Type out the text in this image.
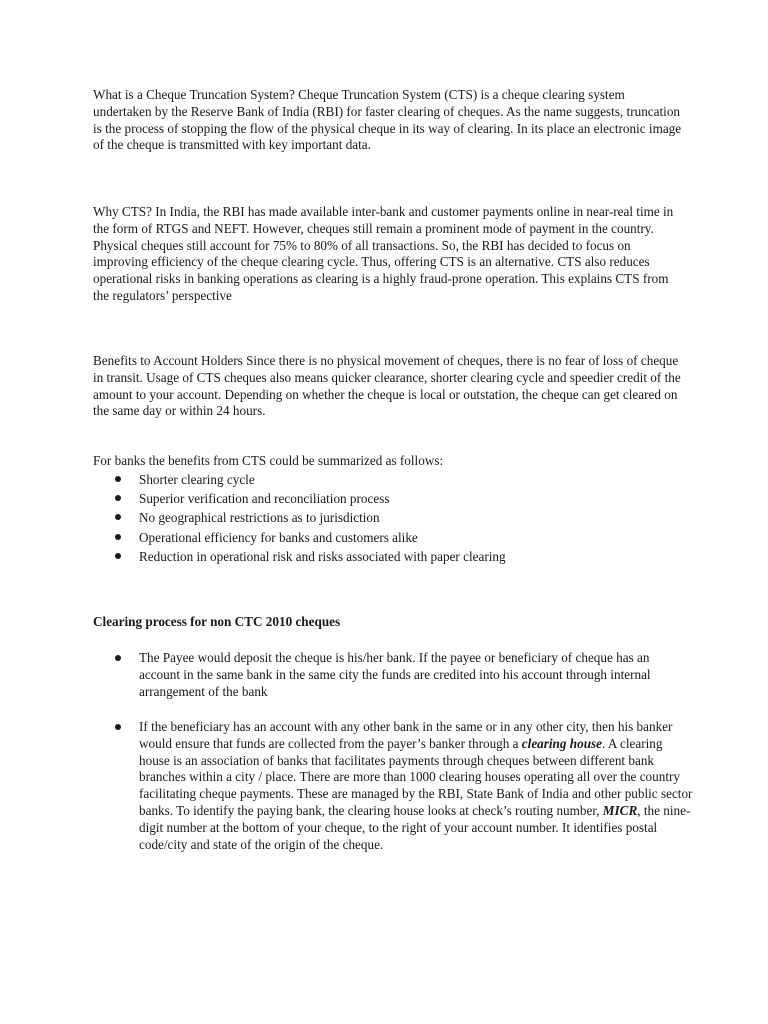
What is a Cheque Truncation System? Cheque Truncation System (CTS) is a cheque clearing system undertaken by the Reserve Bank of India (RBI) for faster clearing of cheques. As the name suggests, truncation is the process of stopping the flow of the physical cheque in its way of clearing. In its place an electronic image of the cheque is transmitted with key important data.

Why CTS? In India, the RBI has made available inter-bank and customer payments online in near-real time in the form of RTGS and NEFT. However, cheques still remain a prominent mode of payment in the country. Physical cheques still account for 75% to 80% of all transactions. So, the RBI has decided to focus on improving efficiency of the cheque clearing cycle. Thus, offering CTS is an alternative. CTS also reduces operational risks in banking operations as clearing is a highly fraud-prone operation. This explains CTS from the regulators’ perspective

Benefits to Account Holders Since there is no physical movement of cheques, there is no fear of loss of cheque in transit. Usage of CTS cheques also means quicker clearance, shorter clearing cycle and speedier credit of the amount to your account. Depending on whether the cheque is local or outstation, the cheque can get cleared on the same day or within 24 hours.

For banks the benefits from CTS could be summarized as follows:

Shorter clearing cycle
Superior verification and reconciliation process
No geographical restrictions as to jurisdiction
Operational efficiency for banks and customers alike
Reduction in operational risk and risks associated with paper clearing
Clearing process for non CTC 2010 cheques
The Payee would deposit the cheque is his/her bank. If the payee or beneficiary of cheque has an account in the same bank in the same city the funds are credited into his account through internal arrangement of the bank
If the beneficiary has an account with any other bank in the same or in any other city, then his banker would ensure that funds are collected from the payer’s banker through a clearing house. A clearing house is an association of banks that facilitates payments through cheques between different bank branches within a city / place. There are more than 1000 clearing houses operating all over the country facilitating cheque payments. These are managed by the RBI, State Bank of India and other public sector banks. To identify the paying bank, the clearing house looks at check’s routing number, MICR, the nine-digit number at the bottom of your cheque, to the right of your account number. It identifies postal code/city and state of the origin of the cheque.
